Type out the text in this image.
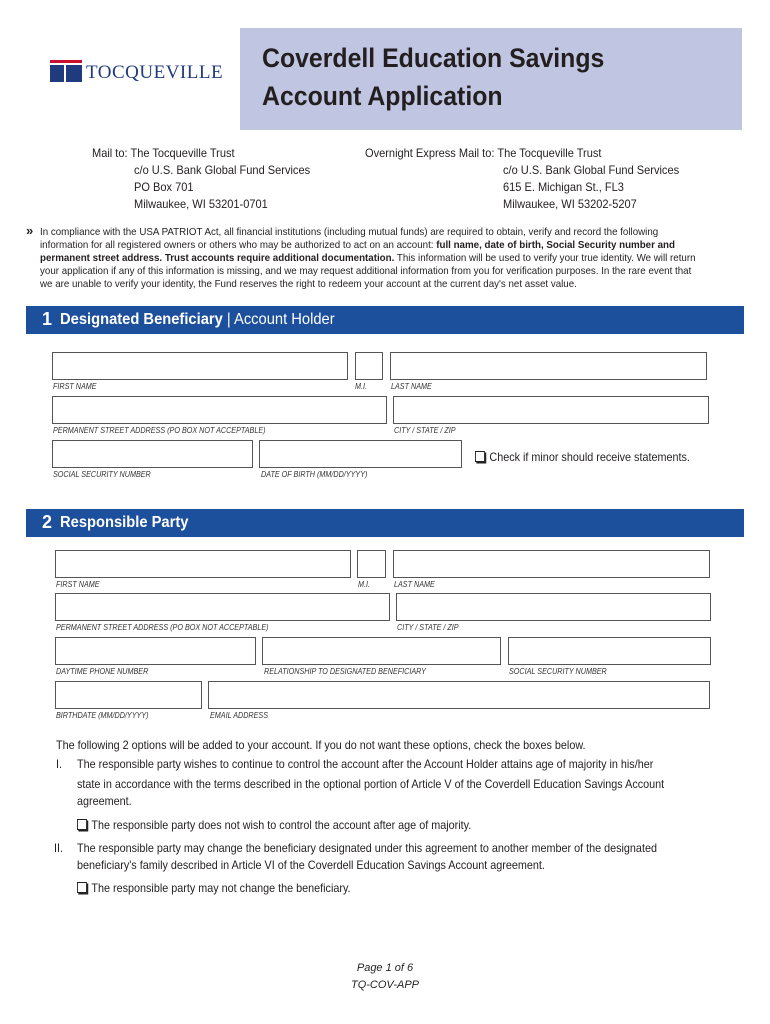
TOCQUEVILLE Coverdell Education Savings
Account Application
Mail to: The Tocqueville Trust
c/o U.S. Bank Global Fund Services
PO Box 701
Milwaukee, WI 53201-0701
Overnight Express Mail to: The Tocqueville Trust
c/o U.S. Bank Global Fund Services
615 E. Michigan St., FL3
Milwaukee, WI 53202-5207
» In compliance with the USA PATRIOT Act, all financial institutions (including mutual funds) are required to obtain, verify and record the following
information for all registered owners or others who may be authorized to act on an account: full name, date of birth, Social Security number and
permanent street address. Trust accounts require additional documentation. This information will be used to verify your true identity. We will return
your application if any of this information is missing, and we may request additional information from you for verification purposes. In the rare event that
we are unable to verify your identity, the Fund reserves the right to redeem your account at the current day's net asset value.
1 Designated Beneficiary | Account Holder
FIRST NAME	M.I.	LAST NAME
PERMANENT STREET ADDRESS (PO BOX NOT ACCEPTABLE)	CITY / STATE / ZIP
SOCIAL SECURITY NUMBER	DATE OF BIRTH (MM/DD/YYYY)
Check if minor should receive statements.
2 Responsible Party
FIRST NAME	M.I.	LAST NAME
PERMANENT STREET ADDRESS (PO BOX NOT ACCEPTABLE)	CITY / STATE / ZIP
DAYTIME PHONE NUMBER	RELATIONSHIP TO DESIGNATED BENEFICIARY	SOCIAL SECURITY NUMBER
BIRTHDATE (MM/DD/YYYY)	EMAIL ADDRESS
The following 2 options will be added to your account. If you do not want these options, check the boxes below.
I. The responsible party wishes to continue to control the account after the Account Holder attains age of majority in his/her
state in accordance with the terms described in the optional portion of Article V of the Coverdell Education Savings Account
agreement.
The responsible party does not wish to control the account after age of majority.
II. The responsible party may change the beneficiary designated under this agreement to another member of the designated
beneficiary's family described in Article VI of the Coverdell Education Savings Account agreement.
The responsible party may not change the beneficiary.
Page 1 of 6
TQ-COV-APP
